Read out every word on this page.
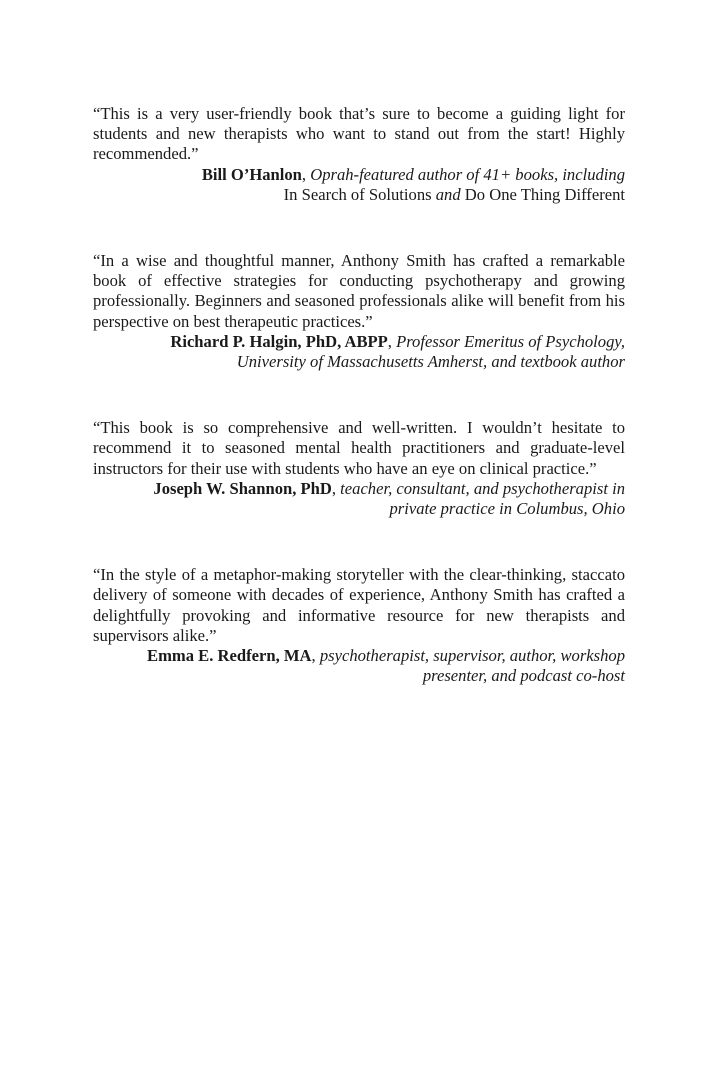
“This is a very user-friendly book that’s sure to become a guiding light for students and new therapists who want to stand out from the start! Highly recommended.”

Bill O’Hanlon, Oprah-featured author of 41+ books, including
In Search of Solutions and Do One Thing Different

“In a wise and thoughtful manner, Anthony Smith has crafted a remarkable book of effective strategies for conducting psychotherapy and growing professionally. Beginners and seasoned professionals alike will benefit from his perspective on best therapeutic practices.”

Richard P. Halgin, PhD, ABPP, Professor Emeritus of Psychology,
University of Massachusetts Amherst, and textbook author

“This book is so comprehensive and well-written. I wouldn’t hesitate to recommend it to seasoned mental health practitioners and graduate-level instructors for their use with students who have an eye on clinical practice.”

Joseph W. Shannon, PhD, teacher, consultant, and psychotherapist in
private practice in Columbus, Ohio

“In the style of a metaphor-making storyteller with the clear-thinking, staccato delivery of someone with decades of experience, Anthony Smith has crafted a delightfully provoking and informative resource for new therapists and supervisors alike.”

Emma E. Redfern, MA, psychotherapist, supervisor, author, workshop
presenter, and podcast co-host
